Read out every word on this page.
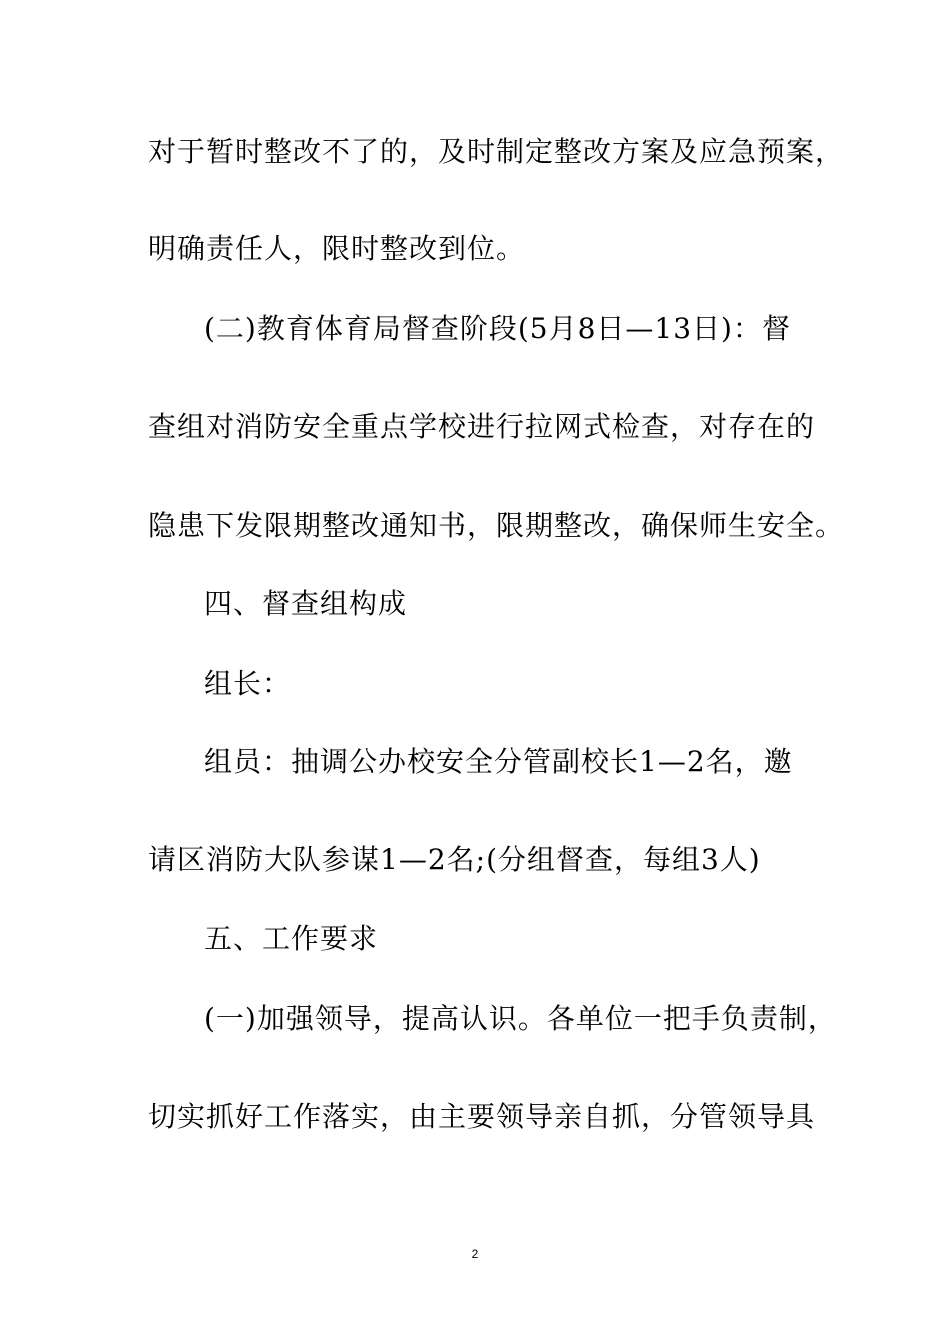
对于暂时整改不了的，及时制定整改方案及应急预案，
明确责任人，限时整改到位。
(二)教育体育局督查阶段(5月8日—13日)：督
查组对消防安全重点学校进行拉网式检查，对存在的
隐患下发限期整改通知书，限期整改，确保师生安全。
四、督查组构成
组长：
组员：抽调公办校安全分管副校长1—2名，邀
请区消防大队参谋1—2名;(分组督查，每组3人)
五、工作要求
(一)加强领导，提高认识。各单位一把手负责制，
切实抓好工作落实，由主要领导亲自抓，分管领导具
2
